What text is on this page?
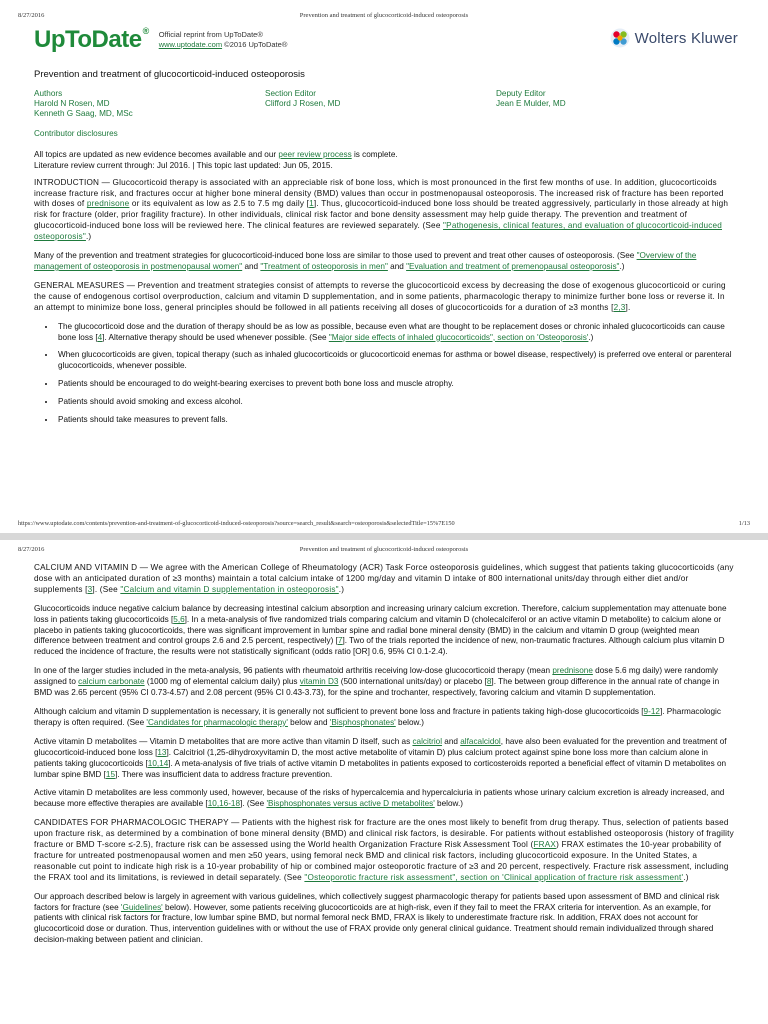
8/27/2016	Prevention and treatment of glucocorticoid-induced osteoporosis
UpToDate® Official reprint from UpToDate®
www.uptodate.com ©2016 UpToDate®	Wolters Kluwer
Prevention and treatment of glucocorticoid-induced osteoporosis
Authors
Harold N Rosen, MD
Kenneth G Saag, MD, MSc
Section Editor
Clifford J Rosen, MD
Deputy Editor
Jean E Mulder, MD
Contributor disclosures

All topics are updated as new evidence becomes available and our peer review process is complete.
Literature review current through: Jul 2016. | This topic last updated: Jun 05, 2015.

INTRODUCTION — Glucocorticoid therapy is associated with an appreciable risk of bone loss, which is most pronounced in the first few months of use. In addition, glucocorticoids increase fracture risk, and fractures occur at higher bone mineral density (BMD) values than occur in postmenopausal osteoporosis. The increased risk of fracture has been reported with doses of prednisone or its equivalent as low as 2.5 to 7.5 mg daily [1]. Thus, glucocorticoid-induced bone loss should be treated aggressively, particularly in those already at high risk for fracture (older, prior fragility fracture). In other individuals, clinical risk factor and bone density assessment may help guide therapy. The prevention and treatment of glucocorticoid-induced bone loss will be reviewed here. The clinical features are reviewed separately. (See "Pathogenesis, clinical features, and evaluation of glucocorticoid-induced osteoporosis".)

Many of the prevention and treatment strategies for glucocorticoid-induced bone loss are similar to those used to prevent and treat other causes of osteoporosis. (See "Overview of the management of osteoporosis in postmenopausal women" and "Treatment of osteoporosis in men" and "Evaluation and treatment of premenopausal osteoporosis".)

GENERAL MEASURES — Prevention and treatment strategies consist of attempts to reverse the glucocorticoid excess by decreasing the dose of exogenous glucocorticoid or curing the cause of endogenous cortisol overproduction, calcium and vitamin D supplementation, and in some patients, pharmacologic therapy to minimize further bone loss or reverse it. In an attempt to minimize bone loss, general principles should be followed in all patients receiving all doses of glucocorticoids for a duration of ≥3 months [2,3].

• The glucocorticoid dose and the duration of therapy should be as low as possible, because even what are thought to be replacement doses or chronic inhaled glucocorticoids can cause bone loss [4]. Alternative therapy should be used whenever possible. (See "Major side effects of inhaled glucocorticoids", section on 'Osteoporosis'.)
• When glucocorticoids are given, topical therapy (such as inhaled glucocorticoids or glucocorticoid enemas for asthma or bowel disease, respectively) is preferred ove enteral or parenteral glucocorticoids, whenever possible.
• Patients should be encouraged to do weight-bearing exercises to prevent both bone loss and muscle atrophy.
• Patients should avoid smoking and excess alcohol.
• Patients should take measures to prevent falls.
https://www.uptodate.com/contents/prevention-and-treatment-of-glucocorticoid-induced-osteoporosis?source=search_result&search=osteoporosis&selectedTitle=15%7E150	1/13
8/27/2016	Prevention and treatment of glucocorticoid-induced osteoporosis

CALCIUM AND VITAMIN D — We agree with the American College of Rheumatology (ACR) Task Force osteoporosis guidelines, which suggest that patients taking glucocorticoids (any dose with an anticipated duration of ≥3 months) maintain a total calcium intake of 1200 mg/day and vitamin D intake of 800 international units/day through either diet and/or supplements [3]. (See "Calcium and vitamin D supplementation in osteoporosis".)

Glucocorticoids induce negative calcium balance by decreasing intestinal calcium absorption and increasing urinary calcium excretion. Therefore, calcium supplementation may attenuate bone loss in patients taking glucocorticoids [5,6]. In a meta-analysis of five randomized trials comparing calcium and vitamin D (cholecalciferol or an active vitamin D metabolite) to calcium alone or placebo in patients taking glucocorticoids, there was significant improvement in lumbar spine and radial bone mineral density (BMD) in the calcium and vitamin D group (weighted mean difference between treatment and control groups 2.6 and 2.5 percent, respectively) [7]. Two of the trials reported the incidence of new, non-traumatic fractures. Although calcium plus vitamin D reduced the incidence of fracture, the results were not statistically significant (odds ratio [OR] 0.6, 95% CI 0.1-2.4).

In one of the larger studies included in the meta-analysis, 96 patients with rheumatoid arthritis receiving low-dose glucocorticoid therapy (mean prednisone dose 5.6 mg daily) were randomly assigned to calcium carbonate (1000 mg of elemental calcium daily) plus vitamin D3 (500 international units/day) or placebo [8]. The between group difference in the annual rate of change in BMD was 2.65 percent (95% CI 0.73-4.57) and 2.08 percent (95% CI 0.43-3.73), for the spine and trochanter, respectively, favoring calcium and vitamin D supplementation.

Although calcium and vitamin D supplementation is necessary, it is generally not sufficient to prevent bone loss and fracture in patients taking high-dose glucocorticoids [9-12]. Pharmacologic therapy is often required. (See 'Candidates for pharmacologic therapy' below and 'Bisphosphonates' below.)

Active vitamin D metabolites — Vitamin D metabolites that are more active than vitamin D itself, such as calcitriol and alfacalcidol, have also been evaluated for the prevention and treatment of glucocorticoid-induced bone loss [13]. Calcitriol (1,25-dihydroxyvitamin D, the most active metabolite of vitamin D) plus calcium protect against spine bone loss more than calcium alone in patients taking glucocorticoids [10,14]. A meta-analysis of five trials of active vitamin D metabolites in patients exposed to corticosteroids reported a beneficial effect of vitamin D metabolites on lumbar spine BMD [15]. There was insufficient data to address fracture prevention.

Active vitamin D metabolites are less commonly used, however, because of the risks of hypercalcemia and hypercalciuria in patients whose urinary calcium excretion is already increased, and because more effective therapies are available [10,16-18]. (See 'Bisphosphonates versus active D metabolites' below.)

CANDIDATES FOR PHARMACOLOGIC THERAPY — Patients with the highest risk for fracture are the ones most likely to benefit from drug therapy. Thus, selection of patients based upon fracture risk, as determined by a combination of bone mineral density (BMD) and clinical risk factors, is desirable. For patients without established osteoporosis (history of fragility fracture or BMD T-score ≤-2.5), fracture risk can be assessed using the World health Organization Fracture Risk Assessment Tool (FRAX) FRAX estimates the 10-year probability of fracture for untreated postmenopausal women and men ≥50 years, using femoral neck BMD and clinical risk factors, including glucocorticoid exposure. In the United States, a reasonable cut point to indicate high risk is a 10-year probability of hip or combined major osteoporotic fracture of ≥3 and 20 percent, respectively. Fracture risk assessment, including the FRAX tool and its limitations, is reviewed in detail separately. (See "Osteoporotic fracture risk assessment", section on 'Clinical application of fracture risk assessment'.)

Our approach described below is largely in agreement with various guidelines, which collectively suggest pharmacologic therapy for patients based upon assessment of BMD and clinical risk factors for fracture (see 'Guidelines' below). However, some patients receiving glucocorticoids are at high-risk, even if they fail to meet the FRAX criteria for intervention. As an example, for patients with clinical risk factors for fracture, low lumbar spine BMD, but normal femoral neck BMD, FRAX is likely to underestimate fracture risk. In addition, FRAX does not account for glucocorticoid dose or duration. Thus, intervention guidelines with or without the use of FRAX provide only general clinical guidance. Treatment should remain individualized through shared decision-making between patient and clinician.
